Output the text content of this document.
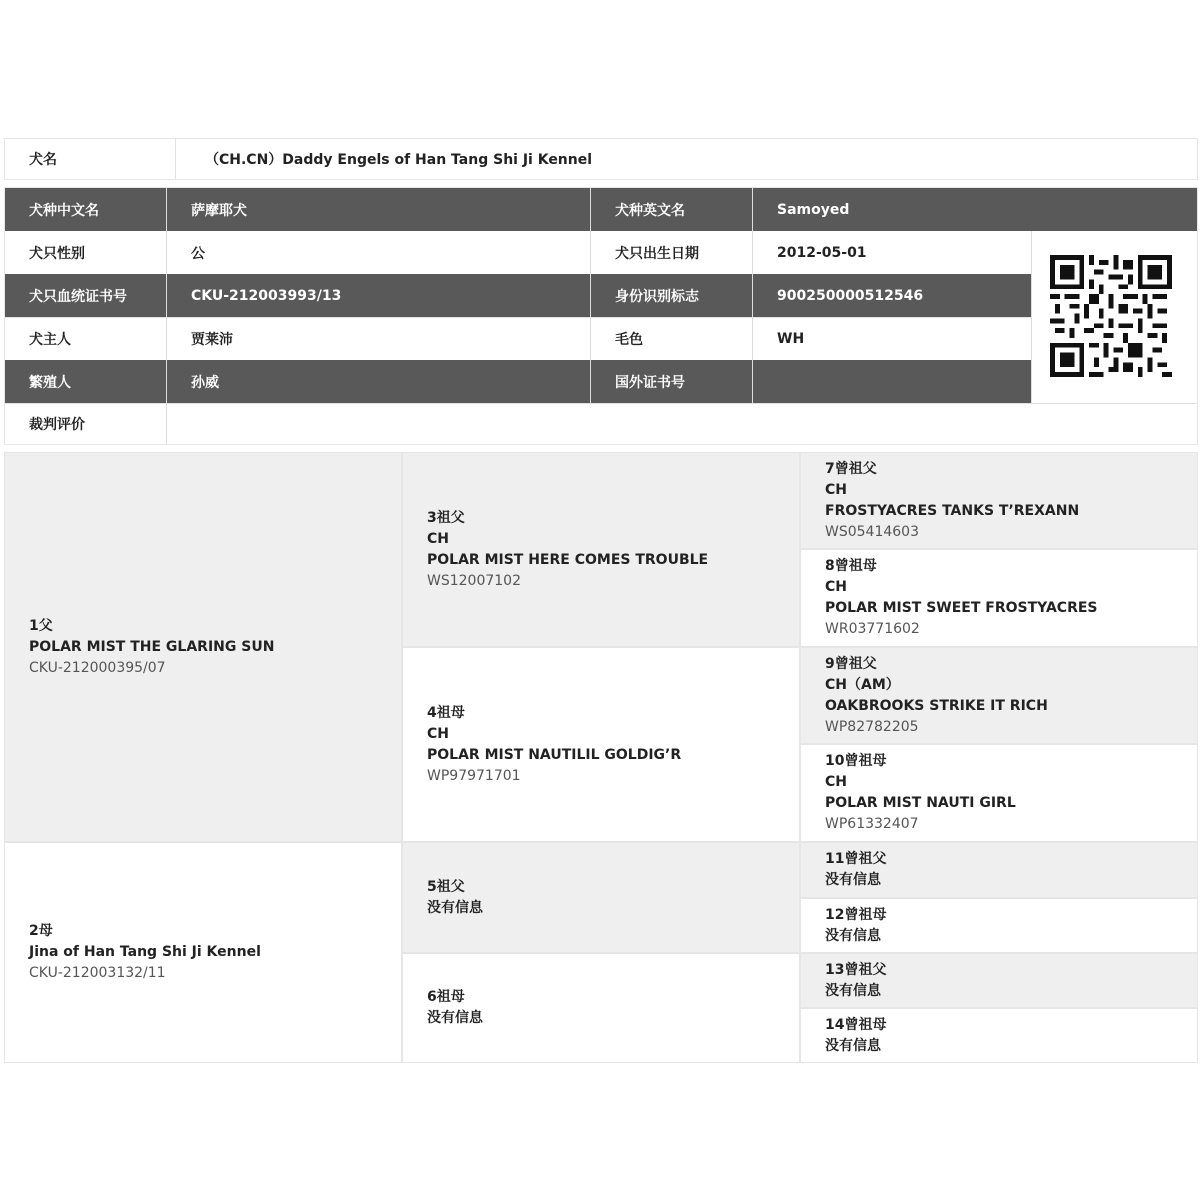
犬名	（CH.CN）Daddy Engels of Han Tang Shi Ji Kennel
犬种中文名	萨摩耶犬	犬种英文名	Samoyed
犬只性别	公	犬只出生日期	2012-05-01
犬只血统证书号	CKU-212003993/13	身份识别标志	900250000512546
犬主人	贾莱沛	毛色	WH
繁殖人	孙威	国外证书号
裁判评价
1父
POLAR MIST THE GLARING SUN
CKU-212000395/07
2母
Jina of Han Tang Shi Ji Kennel
CKU-212003132/11
3祖父
CH
POLAR MIST HERE COMES TROUBLE
WS12007102
4祖母
CH
POLAR MIST NAUTILIL GOLDIG’R
WP97971701
5祖父
没有信息
6祖母
没有信息
7曾祖父
CH
FROSTYACRES TANKS T’REXANN
WS05414603
8曾祖母
CH
POLAR MIST SWEET FROSTYACRES
WR03771602
9曾祖父
CH（AM）
OAKBROOKS STRIKE IT RICH
WP82782205
10曾祖母
CH
POLAR MIST NAUTI GIRL
WP61332407
11曾祖父
没有信息
12曾祖母
没有信息
13曾祖父
没有信息
14曾祖母
没有信息
